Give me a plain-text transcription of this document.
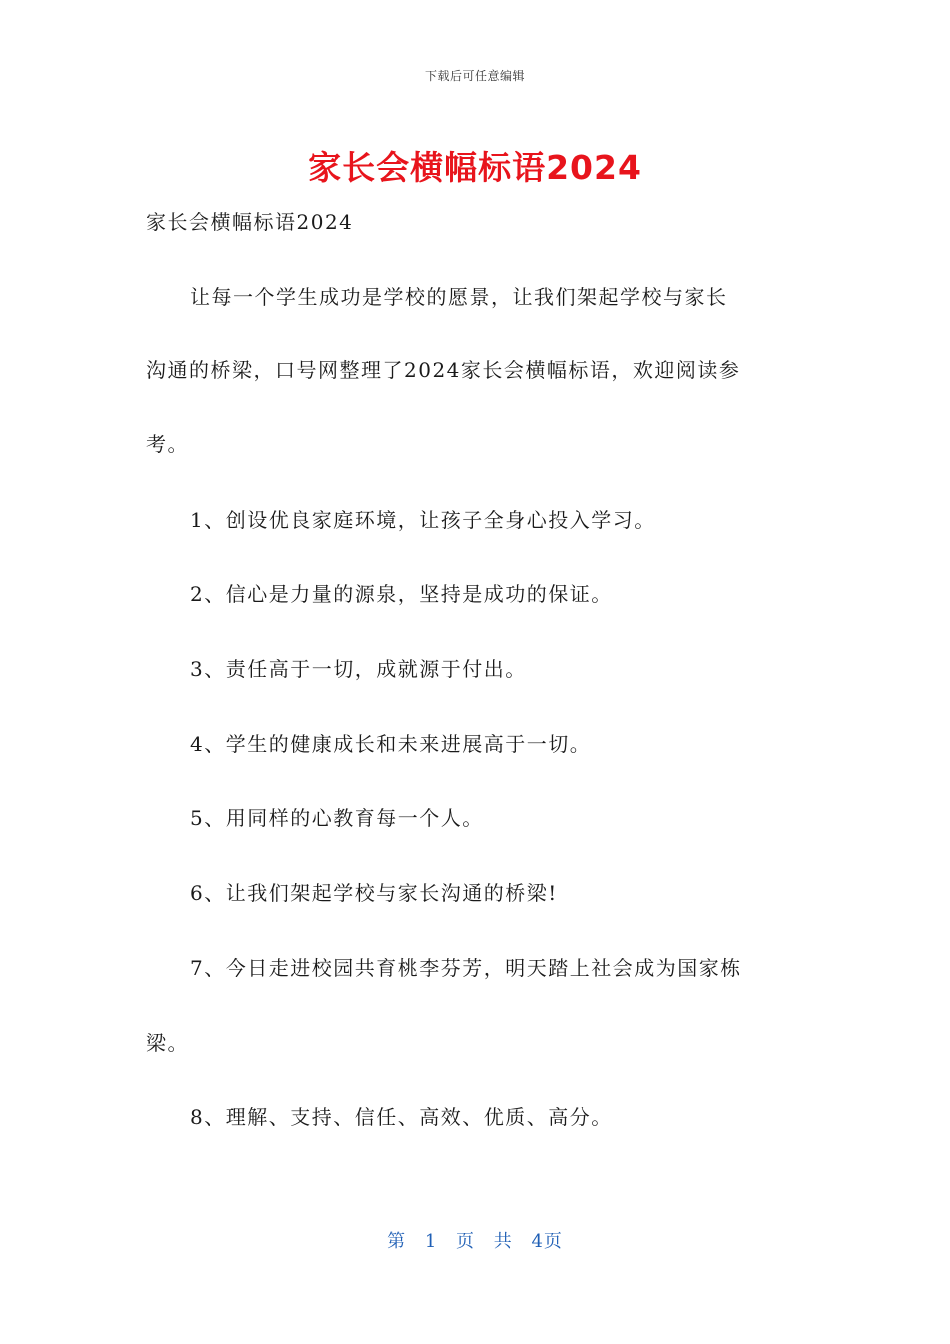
下载后可任意编辑
家长会横幅标语2024
家长会横幅标语2024
让每一个学生成功是学校的愿景，让我们架起学校与家长
沟通的桥梁，口号网整理了2024家长会横幅标语，欢迎阅读参
考。
1、创设优良家庭环境，让孩子全身心投入学习。
2、信心是力量的源泉，坚持是成功的保证。
3、责任高于一切，成就源于付出。
4、学生的健康成长和未来进展高于一切。
5、用同样的心教育每一个人。
6、让我们架起学校与家长沟通的桥梁!
7、今日走进校园共育桃李芬芳，明天踏上社会成为国家栋
梁。
8、理解、支持、信任、高效、优质、高分。
第 1 页 共 4页
